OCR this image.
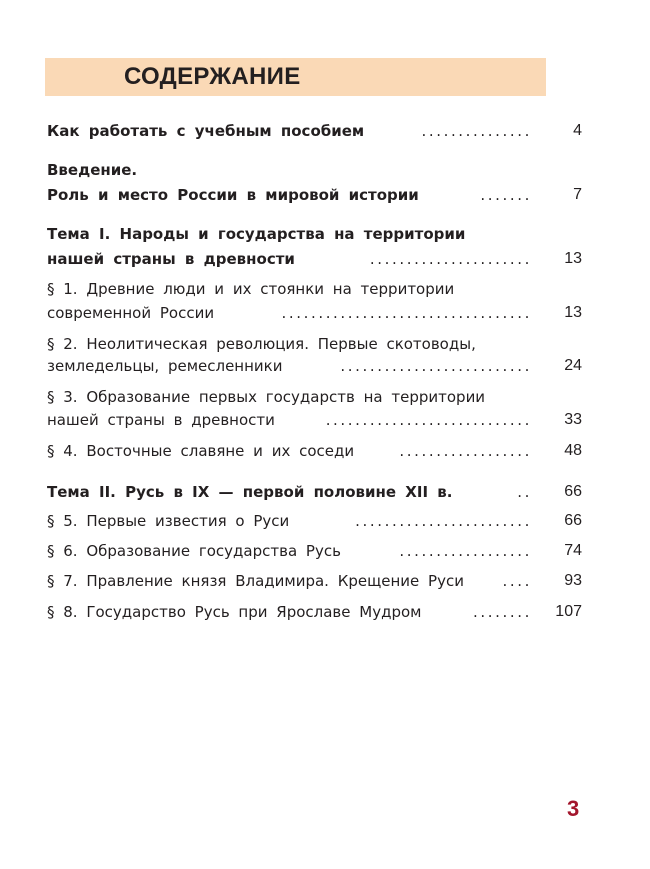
СОДЕРЖАНИЕ
Как работать с учебным пособием	...............	4
Введение.
Роль и место России в мировой истории	.......	7
Тема I. Народы и государства на территории
нашей страны в древности	...................... 13
§ 1. Древние люди и их стоянки на территории
современной России	.................................. 13
§ 2. Неолитическая революция. Первые скотоводы,
земледельцы, ремесленники	.......................... 24
§ 3. Образование первых государств на территории
нашей страны в древности	............................ 33
§ 4. Восточные славяне и их соседи	.................. 48
Тема II. Русь в IX — первой половине XII в.	.. 66
§ 5. Первые известия о Руси	........................ 66
§ 6. Образование государства Русь	.................. 74
§ 7. Правление князя Владимира. Крещение Руси	.... 93
§ 8. Государство Русь при Ярославе Мудром	........ 107
3
